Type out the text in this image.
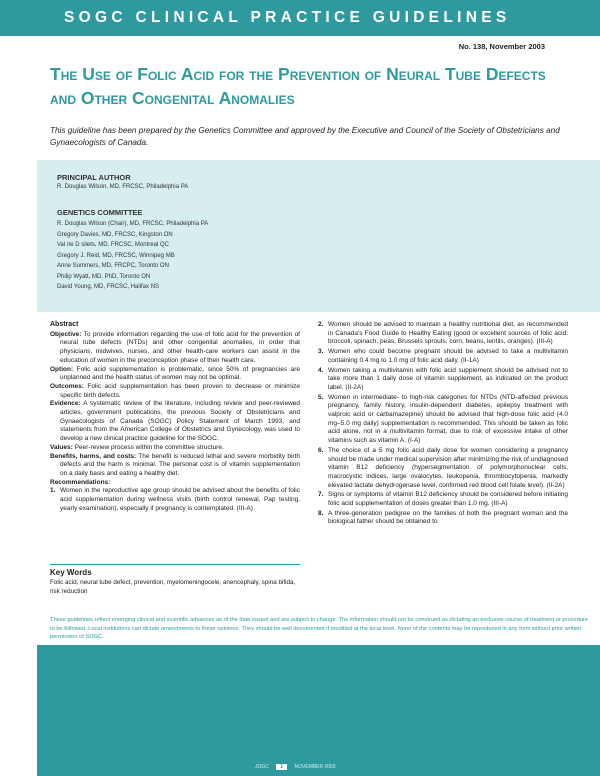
SOGC CLINICAL PRACTICE GUIDELINES
No. 138, November 2003
The Use of Folic Acid for the Prevention of Neural Tube Defects and Other Congenital Anomalies

This guideline has been prepared by the Genetics Committee and approved by the Executive and Council of the Society of Obstetricians and Gynaecologists of Canada.

PRINCIPAL AUTHOR
R. Douglas Wilson, MD, FRCSC, Philadelphia PA
GENETICS COMMITTEE
R. Douglas Wilson (Chair), MD, FRCSC, Philadelphia PA
Gregory Davies, MD, FRCSC, Kingston ON
Val rie D silets, MD, FRCSC, Montreal QC
Gregory J. Reid, MD, FRCSC, Winnipeg MB
Anne Summers, MD, FRCPC, Toronto ON
Philip Wyatt, MD, PhD, Toronto ON
David Young, MD, FRCSC, Halifax NS
Abstract

Objective: To provide information regarding the use of folic acid for the prevention of neural tube defects (NTDs) and other congenital anomalies, in order that physicians, midwives, nurses, and other health-care workers can assist in the education of women in the preconception phase of their health care.

Option: Folic acid supplementation is problematic, since 50% of pregnancies are unplanned and the health status of women may not be optimal.

Outcomes: Folic acid supplementation has been proven to decrease or minimize specific birth defects.

Evidence: A systematic review of the literature, including review and peer-reviewed articles, government publications, the previous Society of Obstetricians and Gynaecologists of Canada (SOGC) Policy Statement of March 1993, and statements from the American College of Obstetrics and Gynecology, was used to develop a new clinical practice guideline for the SOGC.

Values: Peer-review process within the committee structure.

Benefits, harms, and costs: The benefit is reduced lethal and severe morbidity birth defects and the harm is minimal. The personal cost is of vitamin supplementation on a daily basis and eating a healthy diet.

Recommendations:
1. Women in the reproductive age group should be advised about the benefits of folic acid supplementation during wellness visits (birth control renewal, Pap testing, yearly examination), especially if pregnancy is contemplated. (III-A)
Key Words
Folic acid, neural tube defect, prevention, myelomeningocele, anencephaly, spina bifida, risk reduction
2. Women should be advised to maintain a healthy nutritional diet, as recommended in Canada's Food Guide to Healthy Eating (good or excellent sources of folic acid: broccoli, spinach, peas, Brussels sprouts, corn, beans, lentils, oranges). (III-A)
3. Women who could become pregnant should be advised to take a multivitamin containing 0.4 mg to 1.0 mg of folic acid daily. (II-1A)
4. Women taking a multivitamin with folic acid supplement should be advised not to take more than 1 daily dose of vitamin supplement, as indicated on the product label. (II-2A)
5. Women in intermediate- to high-risk categories for NTDs (NTD-affected previous pregnancy, family history, insulin-dependent diabetes, epilepsy treatment with valproic acid or carbamazepine) should be advised that high-dose folic acid (4.0 mg–5.0 mg daily) supplementation is recommended. This should be taken as folic acid alone, not in a multivitamin format, due to risk of excessive intake of other vitamins such as vitamin A. (I-A)
6. The choice of a 5 mg folic acid daily dose for women considering a pregnancy should be made under medical supervision after minimizing the risk of undiagnosed vitamin B12 deficiency (hypersegmentation of polymorphonuclear cells, macrocystic indices, large ovalocytes, leukopenia, thrombocytopenia, markedly elevated lactate dehydrogenase level, confirmed red blood cell folate level). (II-2A)
7. Signs or symptoms of vitamin B12 deficiency should be considered before initiating folic acid supplementation of doses greater than 1.0 mg. (III-A)
8. A three-generation pedigree on the families of both the pregnant woman and the biological father should be obtained to
These guidelines reflect emerging clinical and scientific advances as of the date issued and are subject to change. The information should not be construed as dictating an exclusive course of treatment or procedure to be followed. Local institutions can dictate amendments to these opinions. They should be well documented if modified at the local level. None of the contents may be reproduced in any form without prior written permission of SOGC.
JOGC 1 NOVEMBER 2003
